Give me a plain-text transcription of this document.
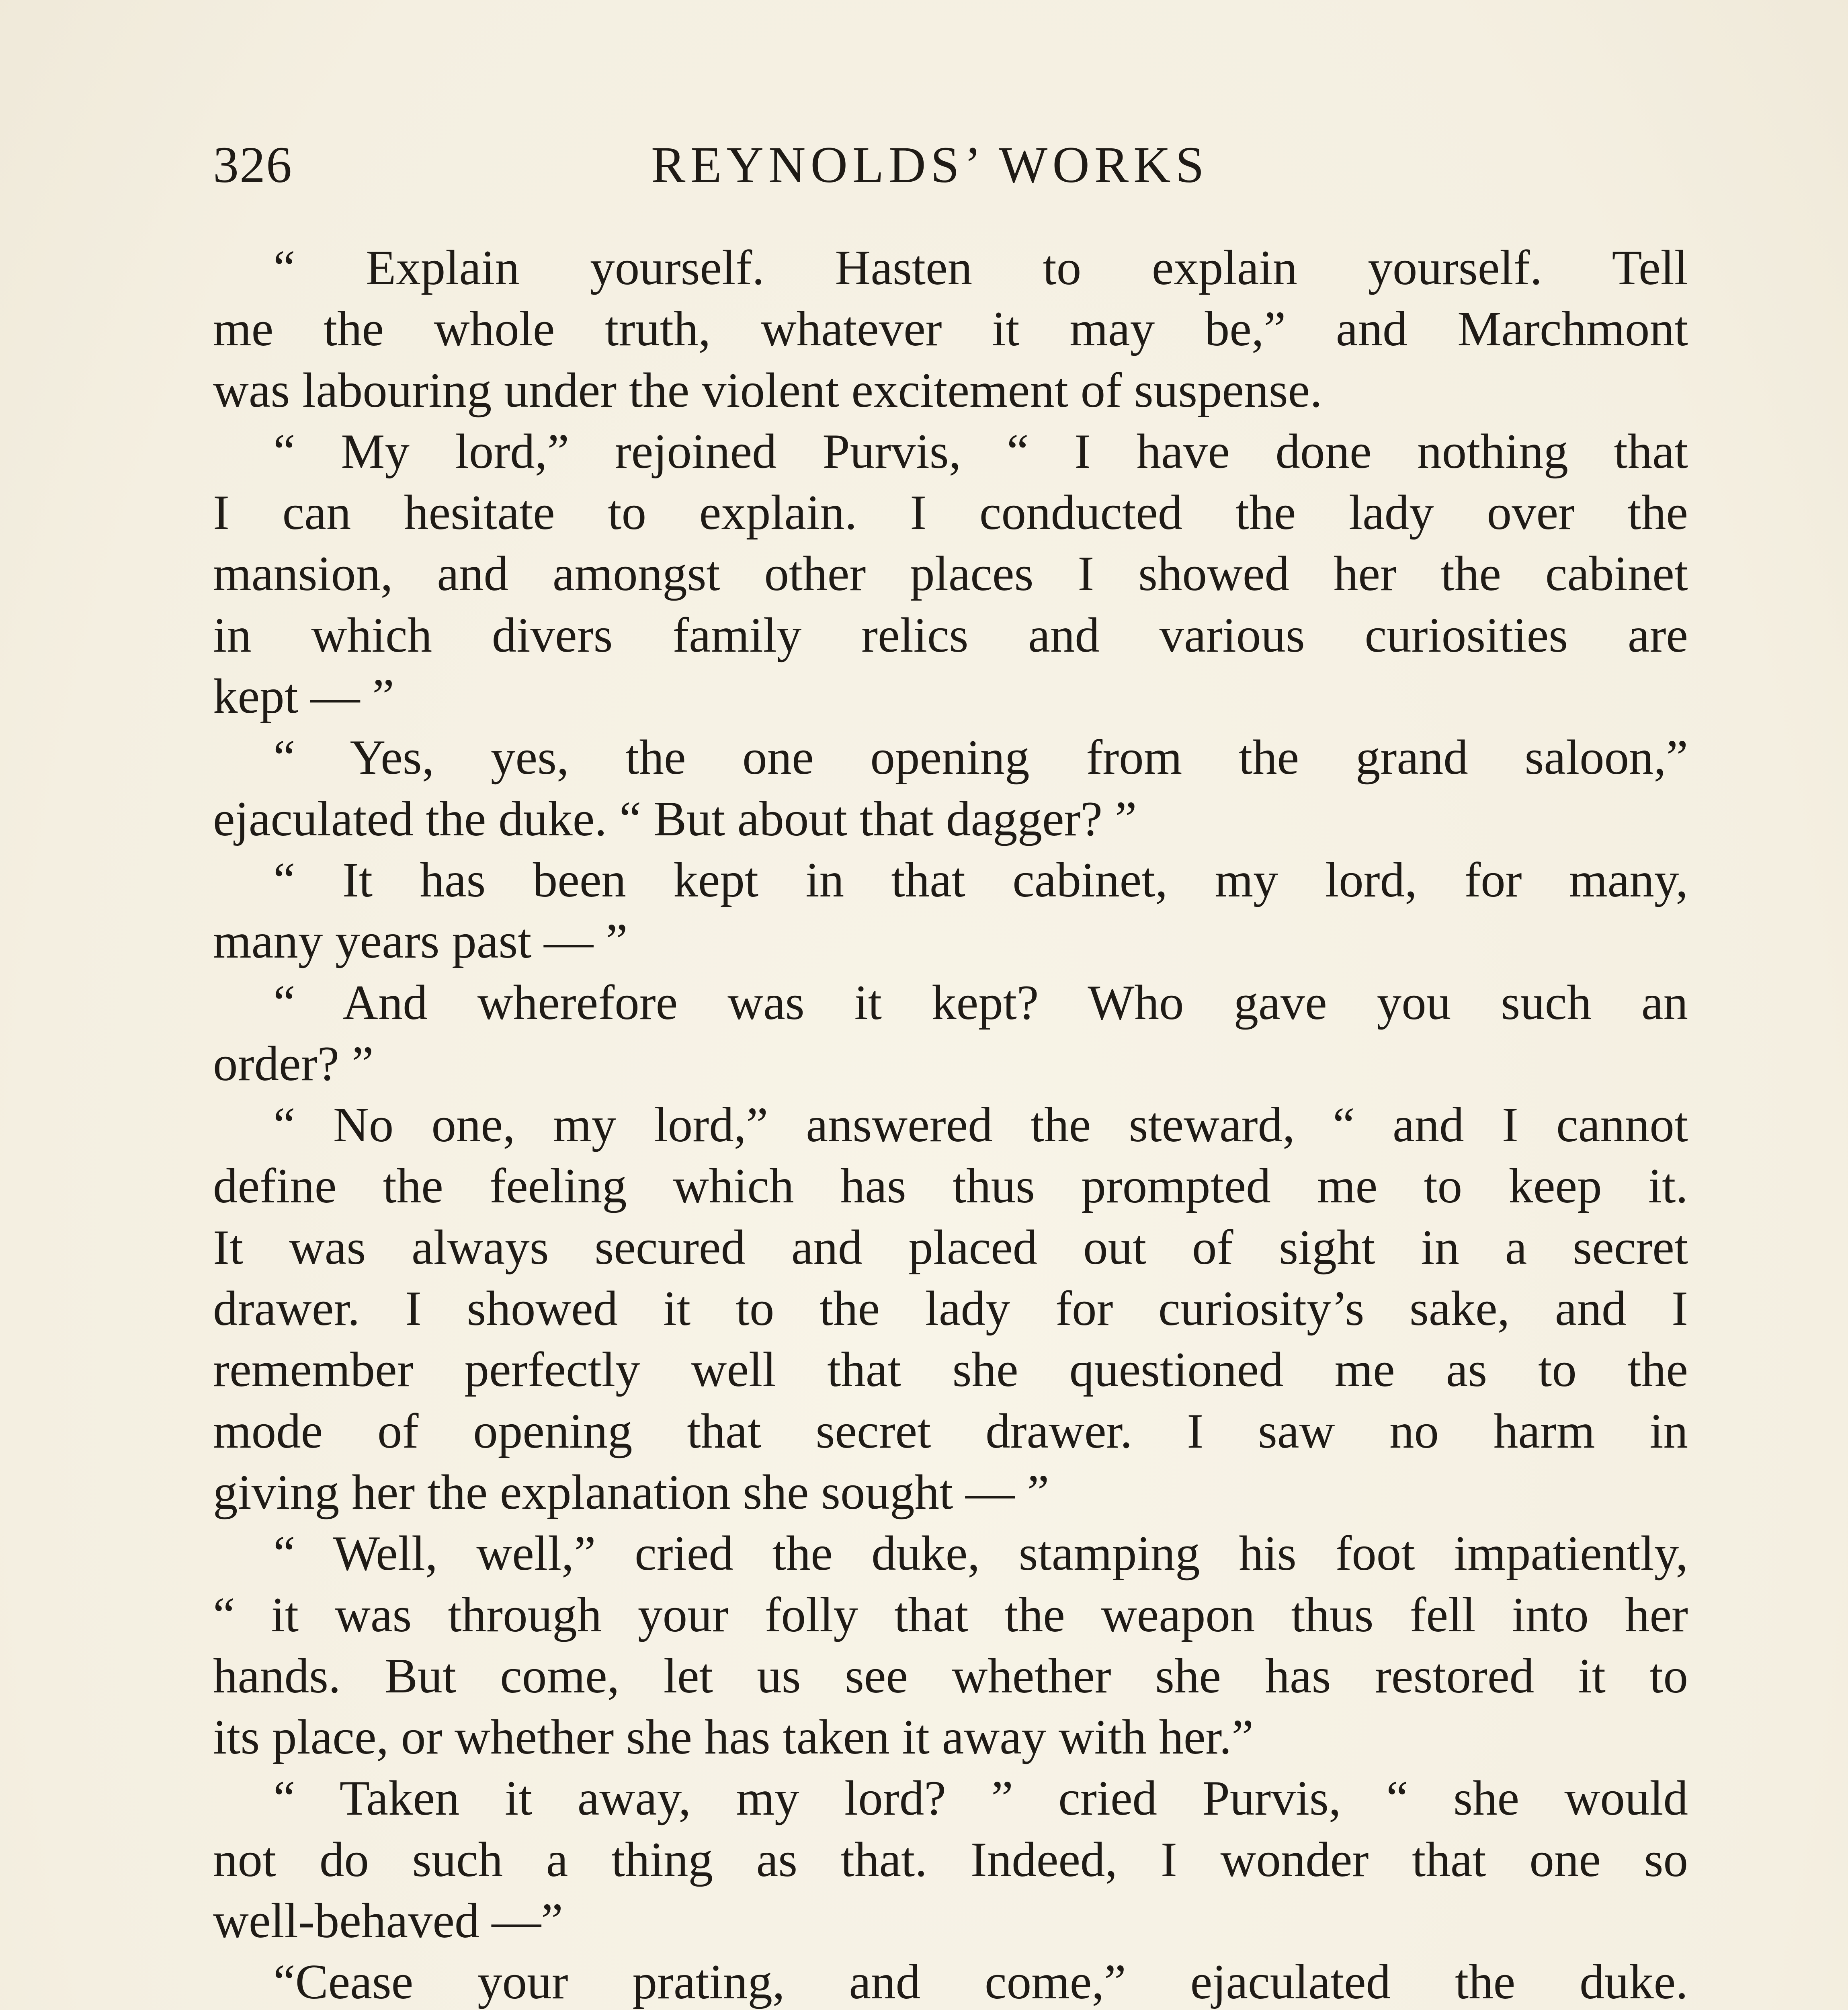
326	REYNOLDS’ WORKS
“ Explain yourself. Hasten to explain yourself. Tell
me the whole truth, whatever it may be,” and Marchmont
was labouring under the violent excitement of suspense.
“ My lord,” rejoined Purvis, “ I have done nothing that
I can hesitate to explain. I conducted the lady over the
mansion, and amongst other places I showed her the cabinet
in which divers family relics and various curiosities are
kept — ”
“ Yes, yes, the one opening from the grand saloon,”
ejaculated the duke. “ But about that dagger? ”
“ It has been kept in that cabinet, my lord, for many,
many years past — ”
“ And wherefore was it kept? Who gave you such an
order? ”
“ No one, my lord,” answered the steward, “ and I cannot
define the feeling which has thus prompted me to keep it.
It was always secured and placed out of sight in a secret
drawer. I showed it to the lady for curiosity’s sake, and I
remember perfectly well that she questioned me as to the
mode of opening that secret drawer. I saw no harm in
giving her the explanation she sought — ”
“ Well, well,” cried the duke, stamping his foot impatiently,
“ it was through your folly that the weapon thus fell into her
hands. But come, let us see whether she has restored it to
its place, or whether she has taken it away with her.”
“ Taken it away, my lord? ” cried Purvis, “ she would
not do such a thing as that. Indeed, I wonder that one so
well-behaved —”
“Cease your prating, and come,” ejaculated the duke.
